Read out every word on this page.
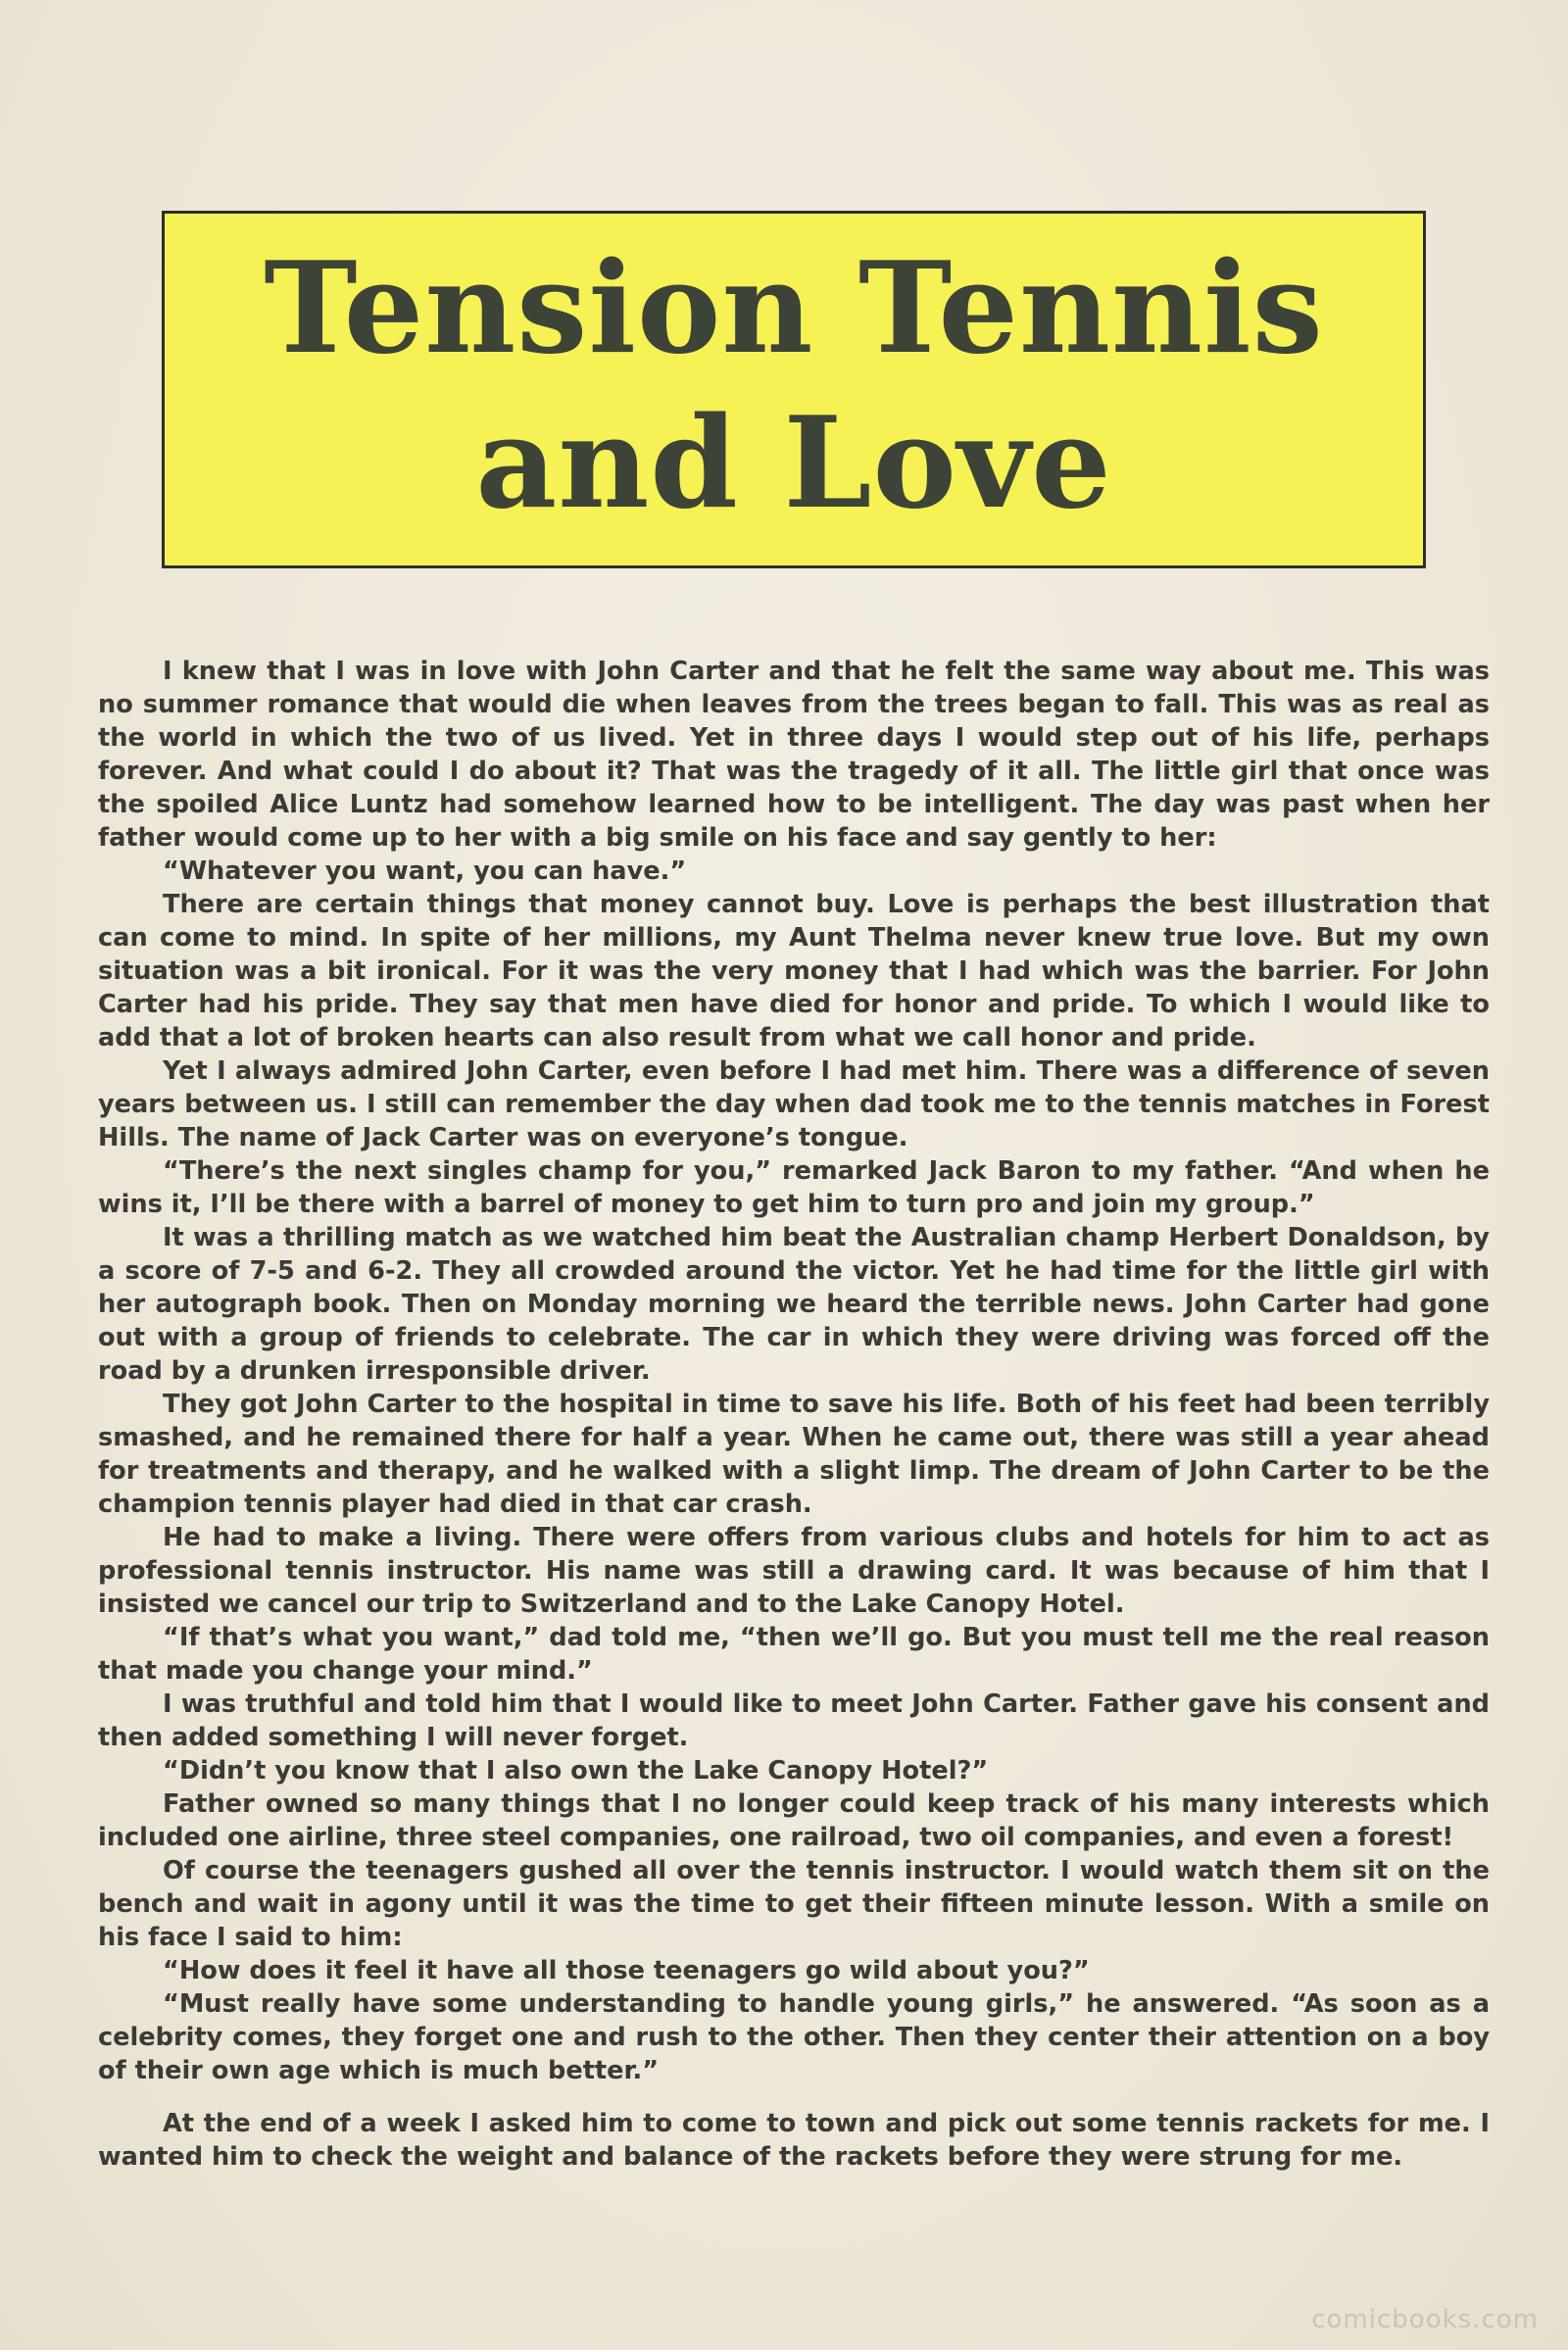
Tension Tennis
and Love

I knew that I was in love with John Carter and that he felt the same way about me. This was no summer romance that would die when leaves from the trees began to fall. This was as real as the world in which the two of us lived. Yet in three days I would step out of his life, perhaps forever. And what could I do about it? That was the tragedy of it all. The little girl that once was the spoiled Alice Luntz had somehow learned how to be intelligent. The day was past when her father would come up to her with a big smile on his face and say gently to her:

“Whatever you want, you can have.”

There are certain things that money cannot buy. Love is perhaps the best illustration that can come to mind. In spite of her millions, my Aunt Thelma never knew true love. But my own situation was a bit ironical. For it was the very money that I had which was the barrier. For John Carter had his pride. They say that men have died for honor and pride. To which I would like to add that a lot of broken hearts can also result from what we call honor and pride.

Yet I always admired John Carter, even before I had met him. There was a difference of seven years between us. I still can remember the day when dad took me to the tennis matches in Forest Hills. The name of Jack Carter was on everyone’s tongue.

“There’s the next singles champ for you,” remarked Jack Baron to my father. “And when he wins it, I’ll be there with a barrel of money to get him to turn pro and join my group.”

It was a thrilling match as we watched him beat the Australian champ Herbert Donaldson, by a score of 7-5 and 6-2. They all crowded around the victor. Yet he had time for the little girl with her autograph book. Then on Monday morning we heard the terrible news. John Carter had gone out with a group of friends to celebrate. The car in which they were driving was forced off the road by a drunken irresponsible driver.

They got John Carter to the hospital in time to save his life. Both of his feet had been terribly smashed, and he remained there for half a year. When he came out, there was still a year ahead for treatments and therapy, and he walked with a slight limp. The dream of John Carter to be the champion tennis player had died in that car crash.

He had to make a living. There were offers from various clubs and hotels for him to act as professional tennis instructor. His name was still a drawing card. It was because of him that I insisted we cancel our trip to Switzerland and to the Lake Canopy Hotel.

“If that’s what you want,” dad told me, “then we’ll go. But you must tell me the real reason that made you change your mind.”

I was truthful and told him that I would like to meet John Carter. Father gave his consent and then added something I will never forget.

“Didn’t you know that I also own the Lake Canopy Hotel?”

Father owned so many things that I no longer could keep track of his many interests which included one airline, three steel companies, one railroad, two oil companies, and even a forest!

Of course the teenagers gushed all over the tennis instructor. I would watch them sit on the bench and wait in agony until it was the time to get their fifteen minute lesson. With a smile on his face I said to him:

“How does it feel it have all those teenagers go wild about you?”

“Must really have some understanding to handle young girls,” he answered. “As soon as a celebrity comes, they forget one and rush to the other. Then they center their attention on a boy of their own age which is much better.”

At the end of a week I asked him to come to town and pick out some tennis rackets for me. I wanted him to check the weight and balance of the rackets before they were strung for me.

comicbooks.com
